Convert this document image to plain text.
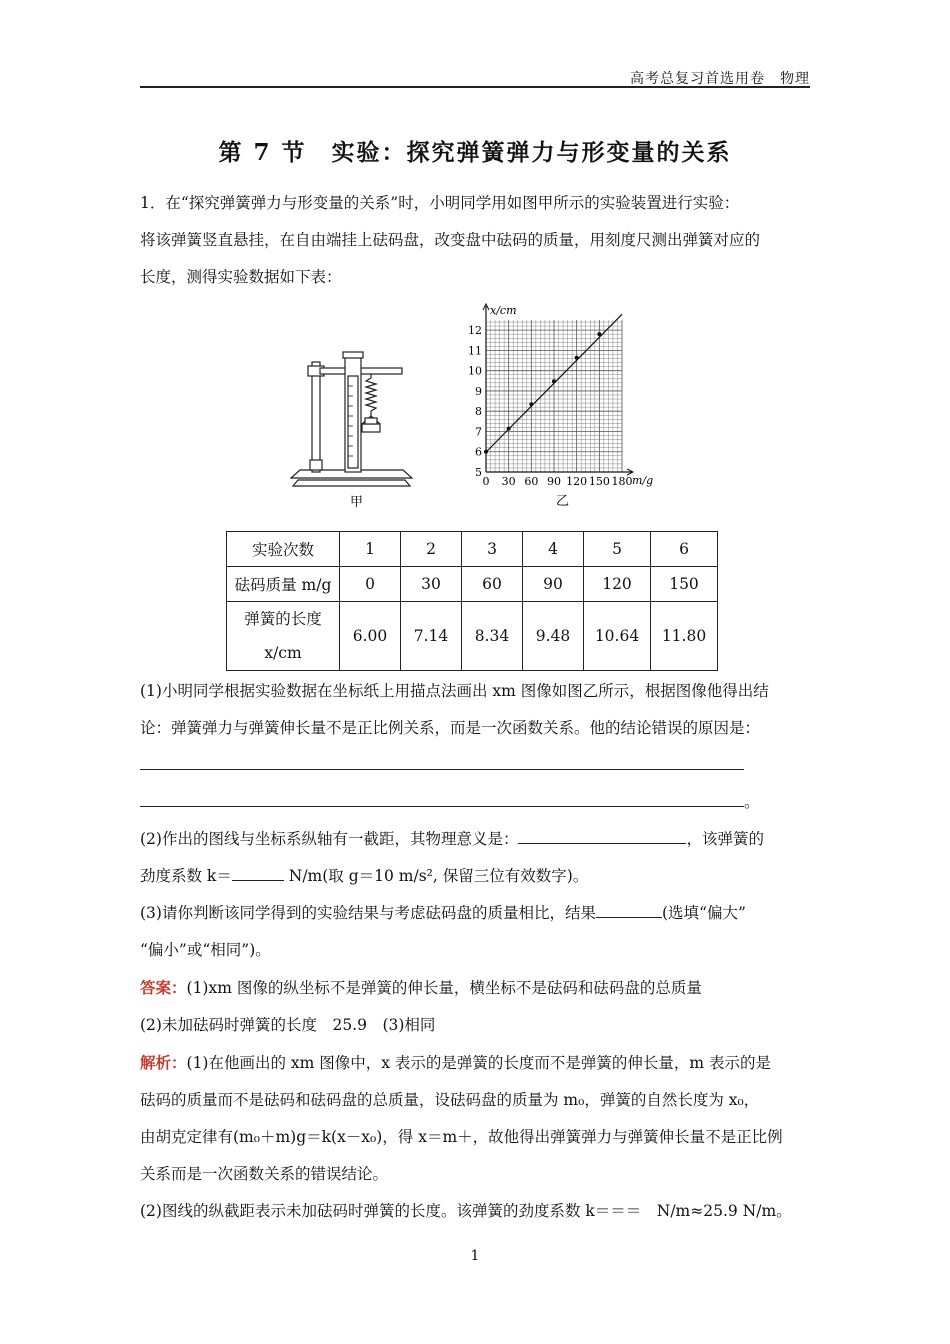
高考总复习首选用卷　物理
第 7 节　实验：探究弹簧弹力与形变量的关系
1．在“探究弹簧弹力与形变量的关系”时，小明同学用如图甲所示的实验装置进行实验：
将该弹簧竖直悬挂，在自由端挂上砝码盘，改变盘中砝码的质量，用刻度尺测出弹簧对应的
长度，测得实验数据如下表：
甲
12
11
10
9
8
7
6
5
0 30 60 90 120 150 180
x/cm
m/g
乙
实验次数	1	2	3	4	5	6
砝码质量 m/g	0	30	60	90	120	150

弹簧的长度
x/cm	6.00	7.14	8.34	9.48	10.64	11.80
(1)小明同学根据实验数据在坐标纸上用描点法画出 xm 图像如图乙所示，根据图像他得出结
论：弹簧弹力与弹簧伸长量不是正比例关系，而是一次函数关系。他的结论错误的原因是：
。
(2)作出的图线与坐标系纵轴有一截距，其物理意义是：	，该弹簧的
劲度系数 k＝	N/m(取 g＝10 m/s², 保留三位有效数字)。
(3)请你判断该同学得到的实验结果与考虑砝码盘的质量相比，结果	(选填“偏大”
“偏小”或“相同”)。
答案：(1)xm 图像的纵坐标不是弹簧的伸长量，横坐标不是砝码和砝码盘的总质量
(2)未加砝码时弹簧的长度　25.9　(3)相同
解析：(1)在他画出的 xm 图像中，x 表示的是弹簧的长度而不是弹簧的伸长量，m 表示的是
砝码的质量而不是砝码和砝码盘的总质量，设砝码盘的质量为 m₀，弹簧的自然长度为 x₀，
由胡克定律有(m₀＋m)g＝k(x－x₀)，得 x＝m＋，故他得出弹簧弹力与弹簧伸长量不是正比例
关系而是一次函数关系的错误结论。
(2)图线的纵截距表示未加砝码时弹簧的长度。该弹簧的劲度系数 k＝＝＝　N/m≈25.9 N/m。
1
